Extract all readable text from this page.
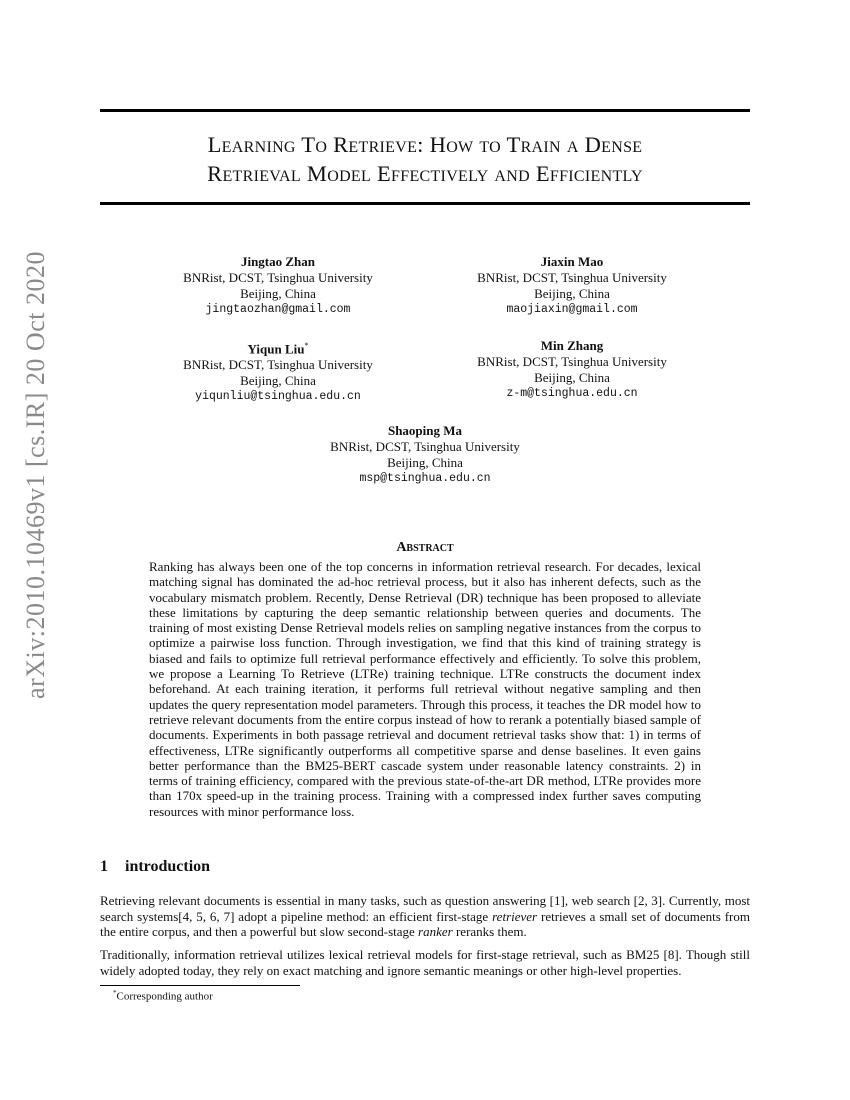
Learning To Retrieve: How to Train a Dense
Retrieval Model Effectively and Efficiently
Jingtao Zhan
BNRist, DCST, Tsinghua University
Beijing, China
jingtaozhan@gmail.com
Jiaxin Mao
BNRist, DCST, Tsinghua University
Beijing, China
maojiaxin@gmail.com
Yiqun Liu*
BNRist, DCST, Tsinghua University
Beijing, China
yiqunliu@tsinghua.edu.cn
Min Zhang
BNRist, DCST, Tsinghua University
Beijing, China
z-m@tsinghua.edu.cn
Shaoping Ma
BNRist, DCST, Tsinghua University
Beijing, China
msp@tsinghua.edu.cn
arXiv:2010.10469v1 [cs.IR] 20 Oct 2020	Abstract

Ranking has always been one of the top concerns in information retrieval research. For decades, lexical matching signal has dominated the ad-hoc retrieval process, but it also has inherent defects, such as the vocabulary mismatch problem. Recently, Dense Retrieval (DR) technique has been proposed to alleviate these limitations by capturing the deep semantic relationship between queries and documents. The training of most existing Dense Retrieval models relies on sampling negative instances from the corpus to optimize a pairwise loss function. Through investigation, we find that this kind of training strategy is biased and fails to optimize full retrieval performance effectively and efficiently. To solve this problem, we propose a Learning To Retrieve (LTRe) training technique. LTRe constructs the document index beforehand. At each training iteration, it performs full retrieval without negative sampling and then updates the query representation model parameters. Through this process, it teaches the DR model how to retrieve relevant documents from the entire corpus instead of how to rerank a potentially biased sample of documents. Experiments in both passage retrieval and document retrieval tasks show that: 1) in terms of effectiveness, LTRe significantly outperforms all competitive sparse and dense baselines. It even gains better performance than the BM25-BERT cascade system under reasonable latency constraints. 2) in terms of training efficiency, compared with the previous state-of-the-art DR method, LTRe provides more than 170x speed-up in the training process. Training with a compressed index further saves computing resources with minor performance loss.

1 introduction

Retrieving relevant documents is essential in many tasks, such as question answering [1], web search [2, 3]. Currently, most search systems[4, 5, 6, 7] adopt a pipeline method: an efficient first-stage retriever retrieves a small set of documents from the entire corpus, and then a powerful but slow second-stage ranker reranks them.

Traditionally, information retrieval utilizes lexical retrieval models for first-stage retrieval, such as BM25 [8]. Though still widely adopted today, they rely on exact matching and ignore semantic meanings or other high-level properties.

*Corresponding author
